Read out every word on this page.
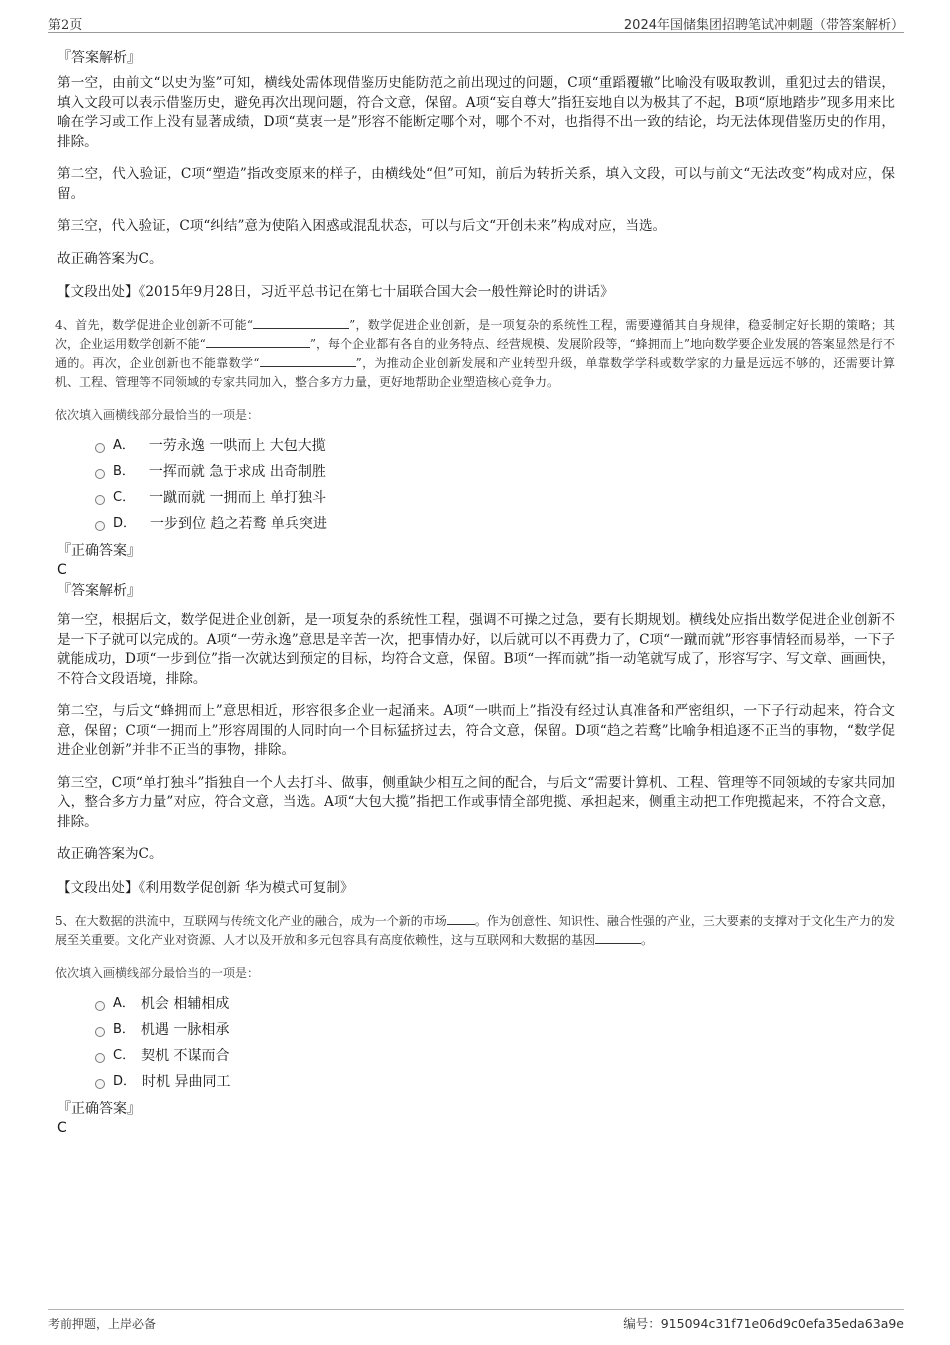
第2页	2024年国储集团招聘笔试冲刺题（带答案解析）
『答案解析』

第一空，由前文“以史为鉴”可知，横线处需体现借鉴历史能防范之前出现过的问题，C项“重蹈覆辙”比喻没有吸取教训，重犯过去的错误，填入文段可以表示借鉴历史，避免再次出现问题，符合文意，保留。A项“妄自尊大”指狂妄地自以为极其了不起，B项“原地踏步”现多用来比喻在学习或工作上没有显著成绩，D项“莫衷一是”形容不能断定哪个对，哪个不对，也指得不出一致的结论，均无法体现借鉴历史的作用，排除。

第二空，代入验证，C项“塑造”指改变原来的样子，由横线处“但”可知，前后为转折关系，填入文段，可以与前文“无法改变”构成对应，保留。

第三空，代入验证，C项“纠结”意为使陷入困惑或混乱状态，可以与后文“开创未来”构成对应，当选。

故正确答案为C。

【文段出处】《2015年9月28日，习近平总书记在第七十届联合国大会一般性辩论时的讲话》
4、首先，数学促进企业创新不可能“	”，数学促进企业创新，是一项复杂的系统性工程，需要遵循其自身规律，稳妥制定好长期的策略；其次，企业运用数学创新不能“	”，每个企业都有各自的业务特点、经营规模、发展阶段等，“蜂拥而上”地向数学要企业发展的答案显然是行不通的。再次，企业创新也不能靠数学“	”，为推动企业创新发展和产业转型升级，单靠数学学科或数学家的力量是远远不够的，还需要计算机、工程、管理等不同领域的专家共同加入，整合多方力量，更好地帮助企业塑造核心竞争力。
依次填入画横线部分最恰当的一项是：
A． 一劳永逸 一哄而上 大包大揽
B． 一挥而就 急于求成 出奇制胜
C． 一蹴而就 一拥而上 单打独斗
D． 一步到位 趋之若鹜 单兵突进
『正确答案』
C
『答案解析』

第一空，根据后文，数学促进企业创新，是一项复杂的系统性工程，强调不可操之过急，要有长期规划。横线处应指出数学促进企业创新不是一下子就可以完成的。A项“一劳永逸”意思是辛苦一次，把事情办好，以后就可以不再费力了，C项“一蹴而就”形容事情轻而易举，一下子就能成功，D项“一步到位”指一次就达到预定的目标，均符合文意，保留。B项“一挥而就”指一动笔就写成了，形容写字、写文章、画画快，不符合文段语境，排除。

第二空，与后文“蜂拥而上”意思相近，形容很多企业一起涌来。A项“一哄而上”指没有经过认真准备和严密组织，一下子行动起来，符合文意，保留；C项“一拥而上”形容周围的人同时向一个目标猛挤过去，符合文意，保留。D项“趋之若鹜”比喻争相追逐不正当的事物，“数学促进企业创新”并非不正当的事物，排除。

第三空，C项“单打独斗”指独自一个人去打斗、做事，侧重缺少相互之间的配合，与后文“需要计算机、工程、管理等不同领域的专家共同加入，整合多方力量”对应，符合文意，当选。A项“大包大揽”指把工作或事情全部兜揽、承担起来，侧重主动把工作兜揽起来，不符合文意，排除。

故正确答案为C。

【文段出处】《利用数学促创新 华为模式可复制》
5、在大数据的洪流中，互联网与传统文化产业的融合，成为一个新的市场 。作为创意性、知识性、融合性强的产业，三大要素的支撑对于文化生产力的发展至关重要。文化产业对资源、人才以及开放和多元包容具有高度依赖性，这与互联网和大数据的基因	。
依次填入画横线部分最恰当的一项是：
A． 机会 相辅相成
B． 机遇 一脉相承
C． 契机 不谋而合
D． 时机 异曲同工
『正确答案』
C
考前押题，上岸必备	编号：915094c31f71e06d9c0efa35eda63a9e
